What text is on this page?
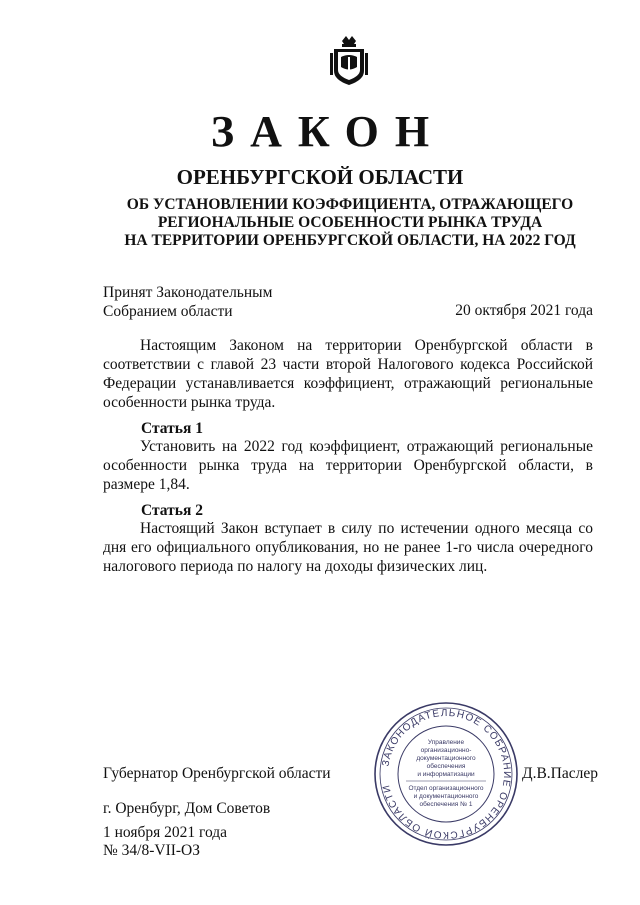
ЗАКОН
ОРЕНБУРГСКОЙ ОБЛАСТИ
ОБ УСТАНОВЛЕНИИ КОЭФФИЦИЕНТА, ОТРАЖАЮЩЕГО
РЕГИОНАЛЬНЫЕ ОСОБЕННОСТИ РЫНКА ТРУДА
НА ТЕРРИТОРИИ ОРЕНБУРГСКОЙ ОБЛАСТИ, НА 2022 ГОД
Принят Законодательным
Собранием области	20 октября 2021 года
Настоящим Законом на территории Оренбургской области в соответствии с главой 23 части второй Налогового кодекса Российской Федерации устанавливается коэффициент, отражающий региональные особенности рынка труда.
Статья 1
Установить на 2022 год коэффициент, отражающий региональные особенности рынка труда на территории Оренбургской области, в размере 1,84.
Статья 2
Настоящий Закон вступает в силу по истечении одного месяца со дня его официального опубликования, но не ранее 1-го числа очередного налогового периода по налогу на доходы физических лиц.
ЗАКОНОДАТЕЛЬНОЕ СОБРАНИЕ ОРЕНБУРГСКОЙ ОБЛАСТИ
Управление
организационно-
документационного
обеспечения
и информатизации
Отдел организационного
и документационного
обеспечения № 1
Губернатор Оренбургской области	Д.В.Паслер
г. Оренбург, Дом Советов
1 ноября 2021 года
№ 34/8-VII-ОЗ
